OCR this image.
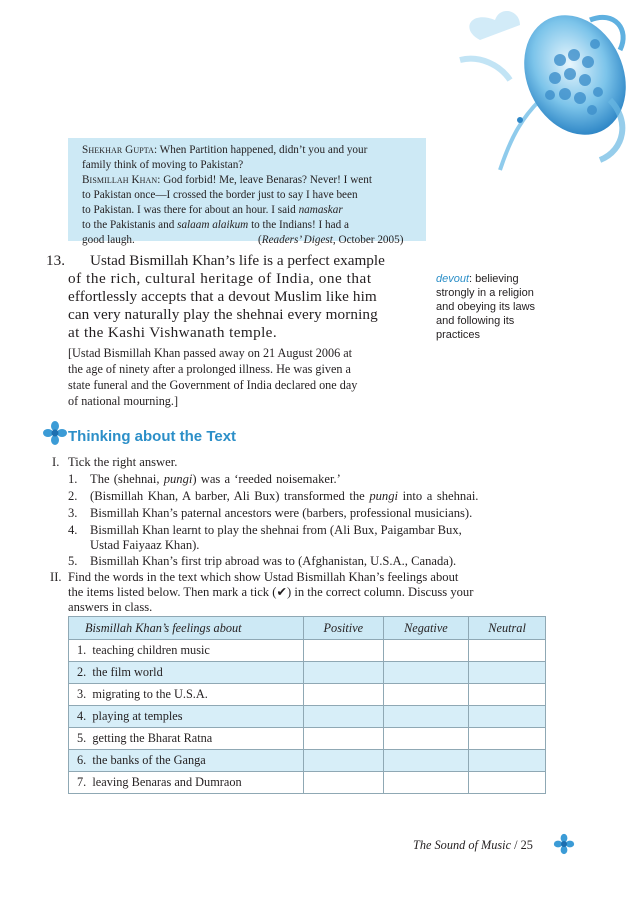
Shekhar Gupta: When Partition happened, didn’t you and your

family think of moving to Pakistan?

Bismillah Khan: God forbid! Me, leave Benaras? Never! I went

to Pakistan once—I crossed the border just to say I have been

to Pakistan. I was there for about an hour. I said namaskar

to the Pakistanis and salaam alaikum to the Indians! I had a

good laugh.	(Readers’ Digest, October 2005)

13. Ustad Bismillah Khan’s life is a perfect example
of the rich, cultural heritage of India, one that
effortlessly accepts that a devout Muslim like him
can very naturally play the shehnai every morning
at the Kashi Vishwanath temple.
[Ustad Bismillah Khan passed away on 21 August 2006 at
the age of ninety after a prolonged illness. He was given a
state funeral and the Government of India declared one day
of national mourning.]
devout: believing
strongly in a religion
and obeying its laws
and following its
practices
Thinking about the Text
I. Tick the right answer.
1. The (shehnai, pungi) was a ‘reeded noisemaker.’
2. (Bismillah Khan, A barber, Ali Bux) transformed the pungi into a shehnai.
3. Bismillah Khan’s paternal ancestors were (barbers, professional musicians).
4. Bismillah Khan learnt to play the shehnai from (Ali Bux, Paigambar Bux,
Ustad Faiyaaz Khan).
5. Bismillah Khan’s first trip abroad was to (Afghanistan, U.S.A., Canada).
II. Find the words in the text which show Ustad Bismillah Khan’s feelings about
the items listed below. Then mark a tick (✔) in the correct column. Discuss your
answers in class.
Bismillah Khan’s feelings about	Positive	Negative	Neutral
1. teaching children music			
2. the film world			
3. migrating to the U.S.A.			
4. playing at temples			
5. getting the Bharat Ratna			
6. the banks of the Ganga			
7. leaving Benaras and Dumraon			
The Sound of Music / 25
